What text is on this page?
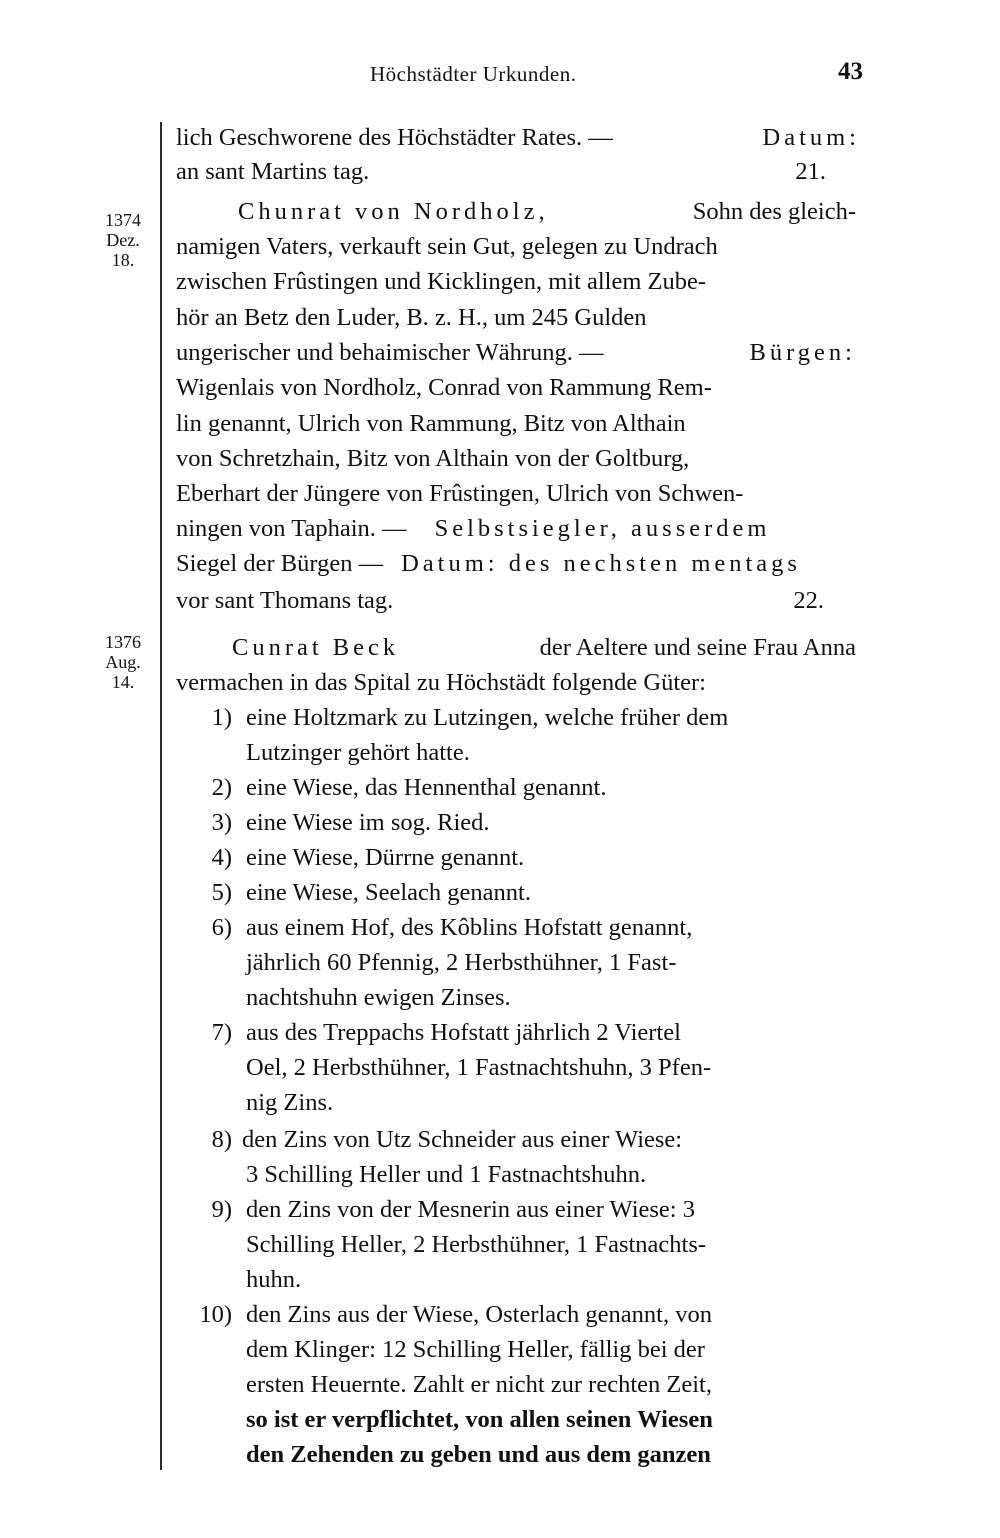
Höchstädter Urkunden.	43
1374
Dez.
18.
1376
Aug.
14.
lich Geschworene des Höchstädter Rates. —	Datum:
an sant Martins tag.	21.
Chunrat von Nordholz,	Sohn des gleich-
namigen Vaters, verkauft sein Gut, gelegen zu Undrach
zwischen Frûstingen und Kicklingen, mit allem Zube-
hör an Betz den Luder, B. z. H., um 245 Gulden
ungerischer und behaimischer Währung. —	Bürgen:
Wigenlais von Nordholz, Conrad von Rammung Rem-
lin genannt, Ulrich von Rammung, Bitz von Althain
von Schretzhain, Bitz von Althain von der Goltburg,
Eberhart der Jüngere von Frûstingen, Ulrich von Schwen-
ningen von Taphain. — Selbstsiegler, ausserdem
Siegel der Bürgen — Datum: des nechsten mentags
vor sant Thomans tag.	22.
Cunrat Beck	der Aeltere und seine Frau Anna
vermachen in das Spital zu Höchstädt folgende Güter:
1) eine Holtzmark zu Lutzingen, welche früher dem
Lutzinger gehört hatte.
2) eine Wiese, das Hennenthal genannt.
3) eine Wiese im sog. Ried.
4) eine Wiese, Dürrne genannt.
5) eine Wiese, Seelach genannt.
6) aus einem Hof, des Kôblins Hofstatt genannt,
jährlich 60 Pfennig, 2 Herbsthühner, 1 Fast-
nachtshuhn ewigen Zinses.
7) aus des Treppachs Hofstatt jährlich 2 Viertel
Oel, 2 Herbsthühner, 1 Fastnachtshuhn, 3 Pfen-
nig Zins.
8) den Zins von Utz Schneider aus einer Wiese:
3 Schilling Heller und 1 Fastnachtshuhn.
9) den Zins von der Mesnerin aus einer Wiese: 3
Schilling Heller, 2 Herbsthühner, 1 Fastnachts-
huhn.
10) den Zins aus der Wiese, Osterlach genannt, von
dem Klinger: 12 Schilling Heller, fällig bei der
ersten Heuernte. Zahlt er nicht zur rechten Zeit,
so ist er verpflichtet, von allen seinen Wiesen
den Zehenden zu geben und aus dem ganzen
